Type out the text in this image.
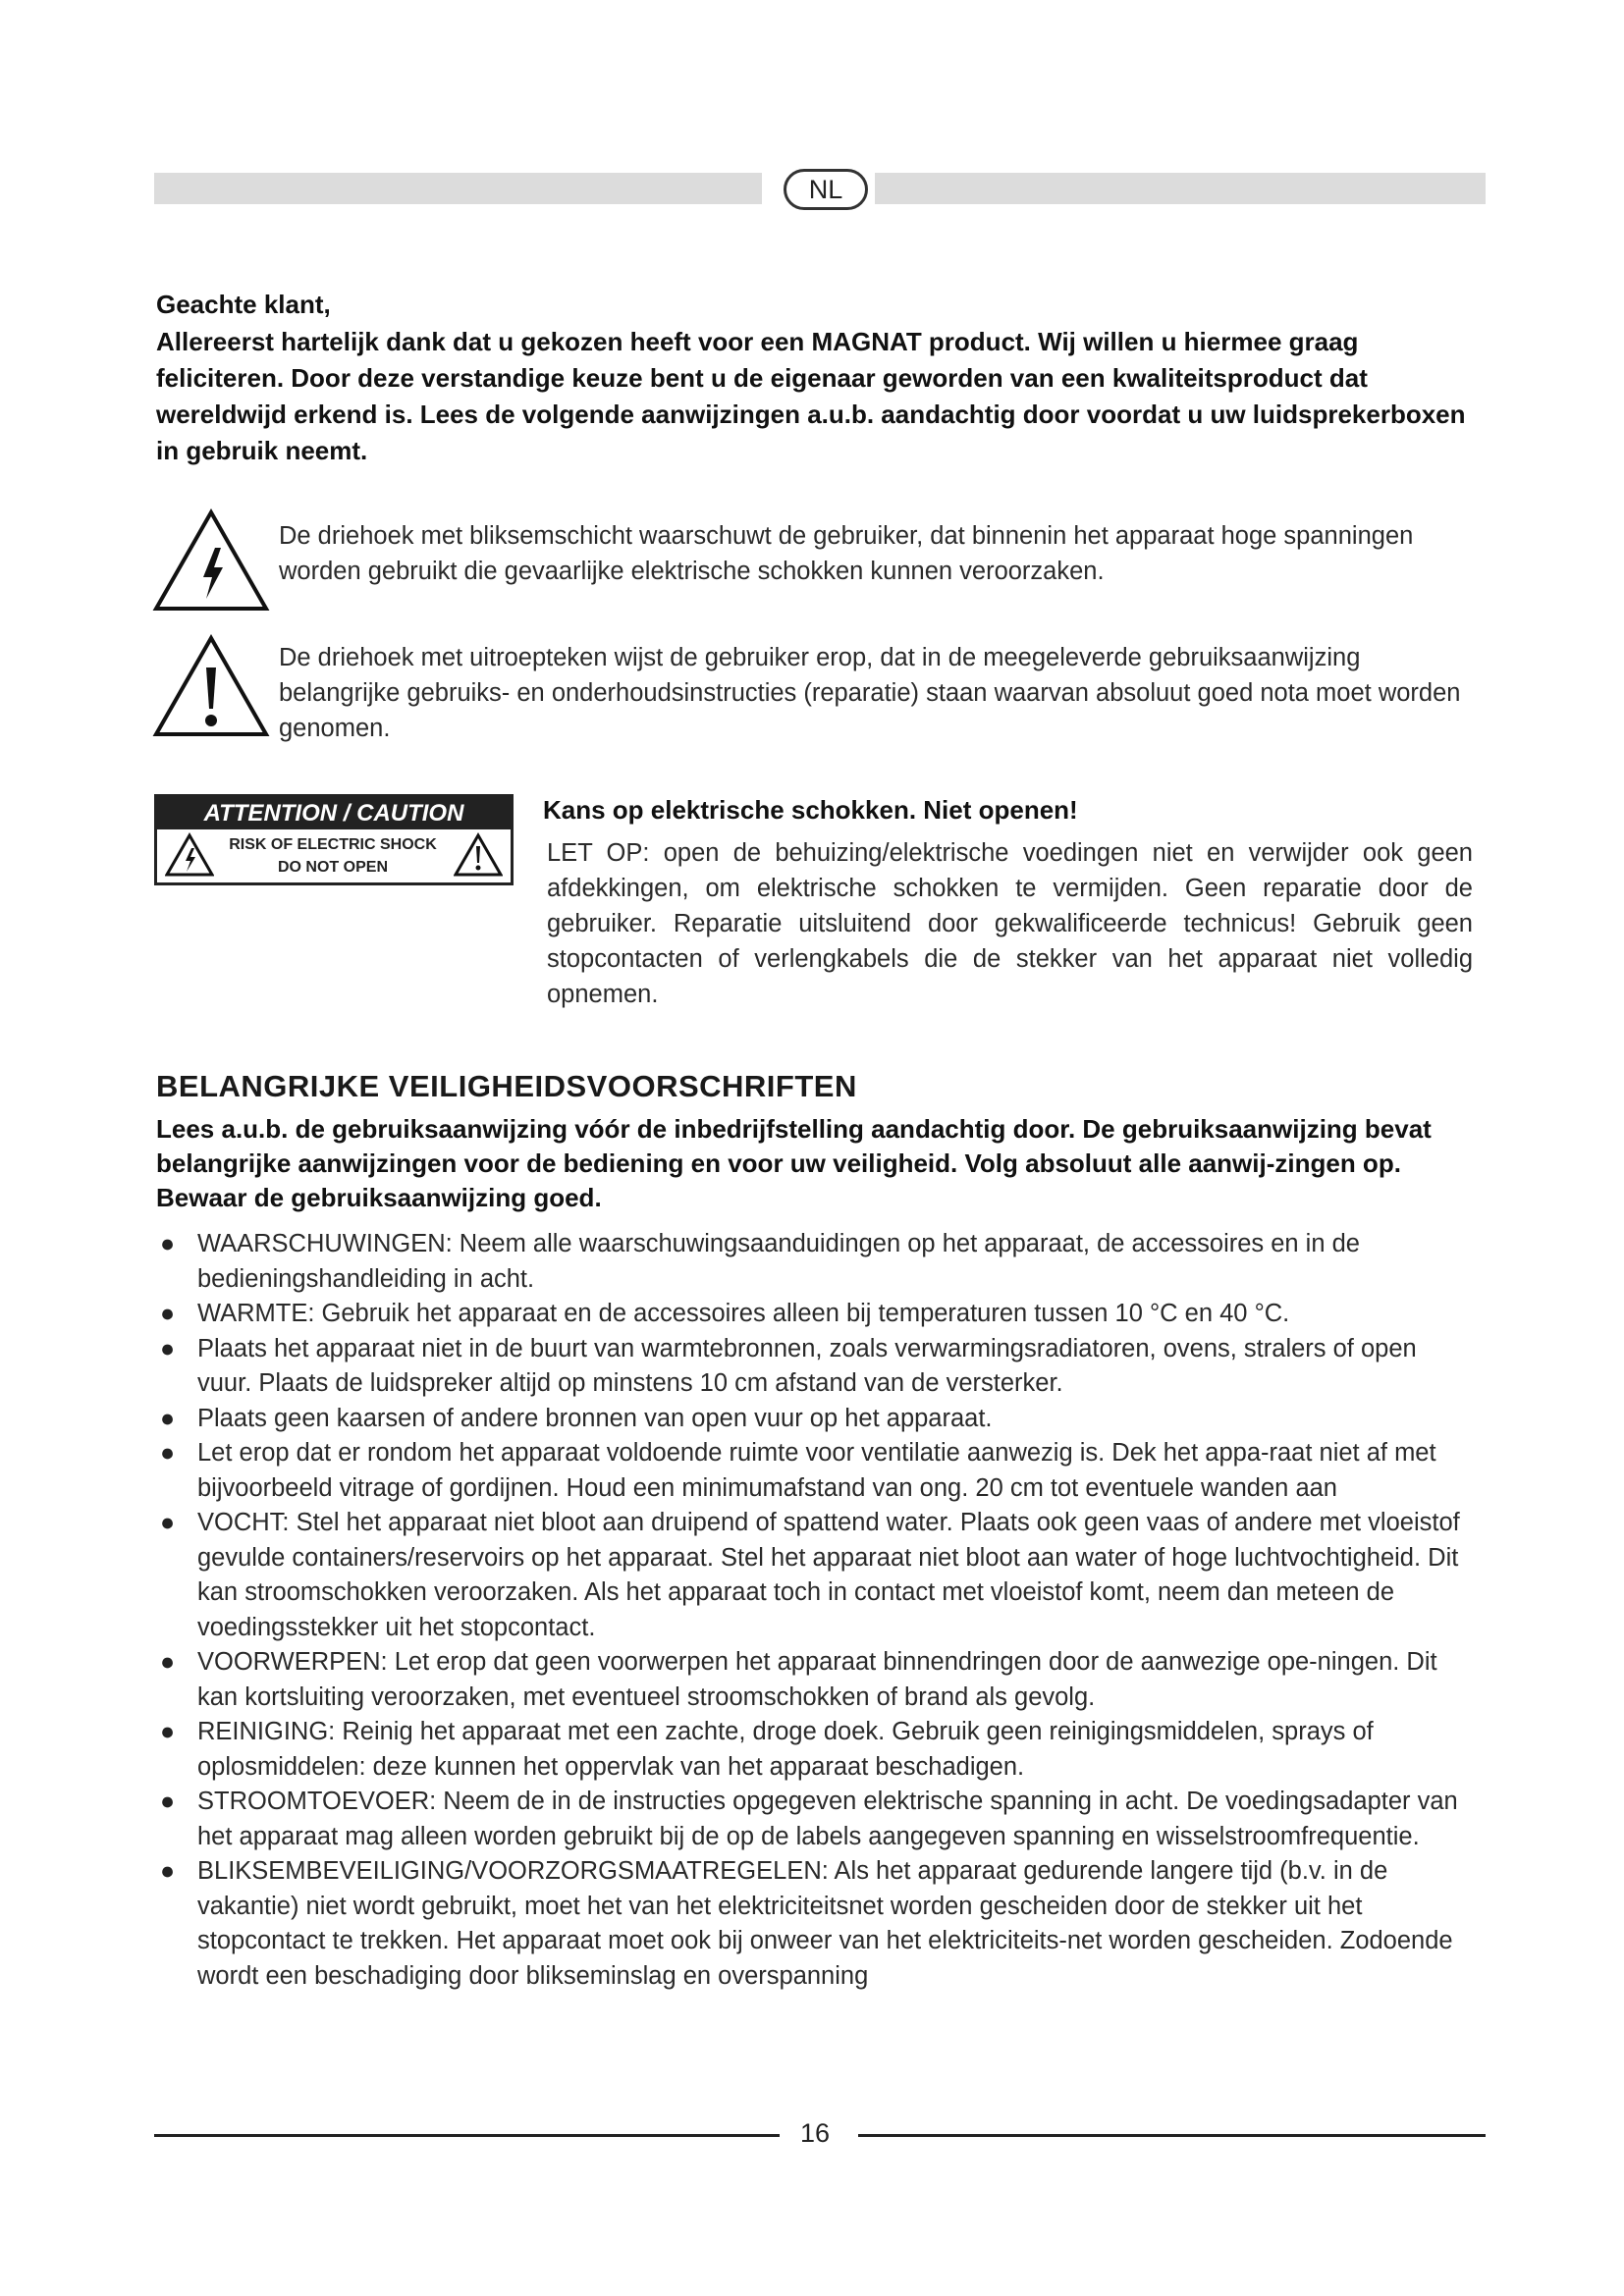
NL
Geachte klant,
Allereerst hartelijk dank dat u gekozen heeft voor een MAGNAT product. Wij willen u hiermee graag feliciteren. Door deze verstandige keuze bent u de eigenaar geworden van een kwaliteitsproduct dat wereldwijd erkend is. Lees de volgende aanwijzingen a.u.b. aandachtig door voordat u uw luidsprekerboxen in gebruik neemt.
De driehoek met bliksemschicht waarschuwt de gebruiker, dat binnenin het apparaat hoge spanningen worden gebruikt die gevaarlijke elektrische schokken kunnen veroorzaken.
De driehoek met uitroepteken wijst de gebruiker erop, dat in de meegeleverde gebruiksaanwijzing belangrijke gebruiks- en onderhoudsinstructies (reparatie) staan waarvan absoluut goed nota moet worden genomen.
ATTENTION / CAUTION
RISK OF ELECTRIC SHOCK
DO NOT OPEN
Kans op elektrische schokken. Niet openen!
LET OP: open de behuizing/elektrische voedingen niet en verwijder ook geen afdekkingen, om elektrische schokken te vermijden. Geen reparatie door de gebruiker. Reparatie uitsluitend door gekwalificeerde technicus! Gebruik geen stopcontacten of verlengkabels die de stekker van het apparaat niet volledig opnemen.
BELANGRIJKE VEILIGHEIDSVOORSCHRIFTEN
Lees a.u.b. de gebruiksaanwijzing vóór de inbedrijfstelling aandachtig door. De gebruiksaanwijzing bevat belangrijke aanwijzingen voor de bediening en voor uw veiligheid. Volg absoluut alle aanwij-zingen op. Bewaar de gebruiksaanwijzing goed.
● WAARSCHUWINGEN: Neem alle waarschuwingsaanduidingen op het apparaat, de accessoires en in de bedieningshandleiding in acht.
● WARMTE: Gebruik het apparaat en de accessoires alleen bij temperaturen tussen 10 °C en 40 °C.
● Plaats het apparaat niet in de buurt van warmtebronnen, zoals verwarmingsradiatoren, ovens, stralers of open vuur. Plaats de luidspreker altijd op minstens 10 cm afstand van de versterker.
● Plaats geen kaarsen of andere bronnen van open vuur op het apparaat.
● Let erop dat er rondom het apparaat voldoende ruimte voor ventilatie aanwezig is. Dek het appa-raat niet af met bijvoorbeeld vitrage of gordijnen. Houd een minimumafstand van ong. 20 cm tot eventuele wanden aan
● VOCHT: Stel het apparaat niet bloot aan druipend of spattend water. Plaats ook geen vaas of andere met vloeistof gevulde containers/reservoirs op het apparaat. Stel het apparaat niet bloot aan water of hoge luchtvochtigheid. Dit kan stroomschokken veroorzaken. Als het apparaat toch in contact met vloeistof komt, neem dan meteen de voedingsstekker uit het stopcontact.
● VOORWERPEN: Let erop dat geen voorwerpen het apparaat binnendringen door de aanwezige ope-ningen. Dit kan kortsluiting veroorzaken, met eventueel stroomschokken of brand als gevolg.
● REINIGING: Reinig het apparaat met een zachte, droge doek. Gebruik geen reinigingsmiddelen, sprays of oplosmiddelen: deze kunnen het oppervlak van het apparaat beschadigen.
● STROOMTOEVOER: Neem de in de instructies opgegeven elektrische spanning in acht. De voedingsadapter van het apparaat mag alleen worden gebruikt bij de op de labels aangegeven spanning en wisselstroomfrequentie.
● BLIKSEMBEVEILIGING/VOORZORGSMAATREGELEN: Als het apparaat gedurende langere tijd (b.v. in de vakantie) niet wordt gebruikt, moet het van het elektriciteitsnet worden gescheiden door de stekker uit het stopcontact te trekken. Het apparaat moet ook bij onweer van het elektriciteits-net worden gescheiden. Zodoende wordt een beschadiging door blikseminslag en overspanning
16
